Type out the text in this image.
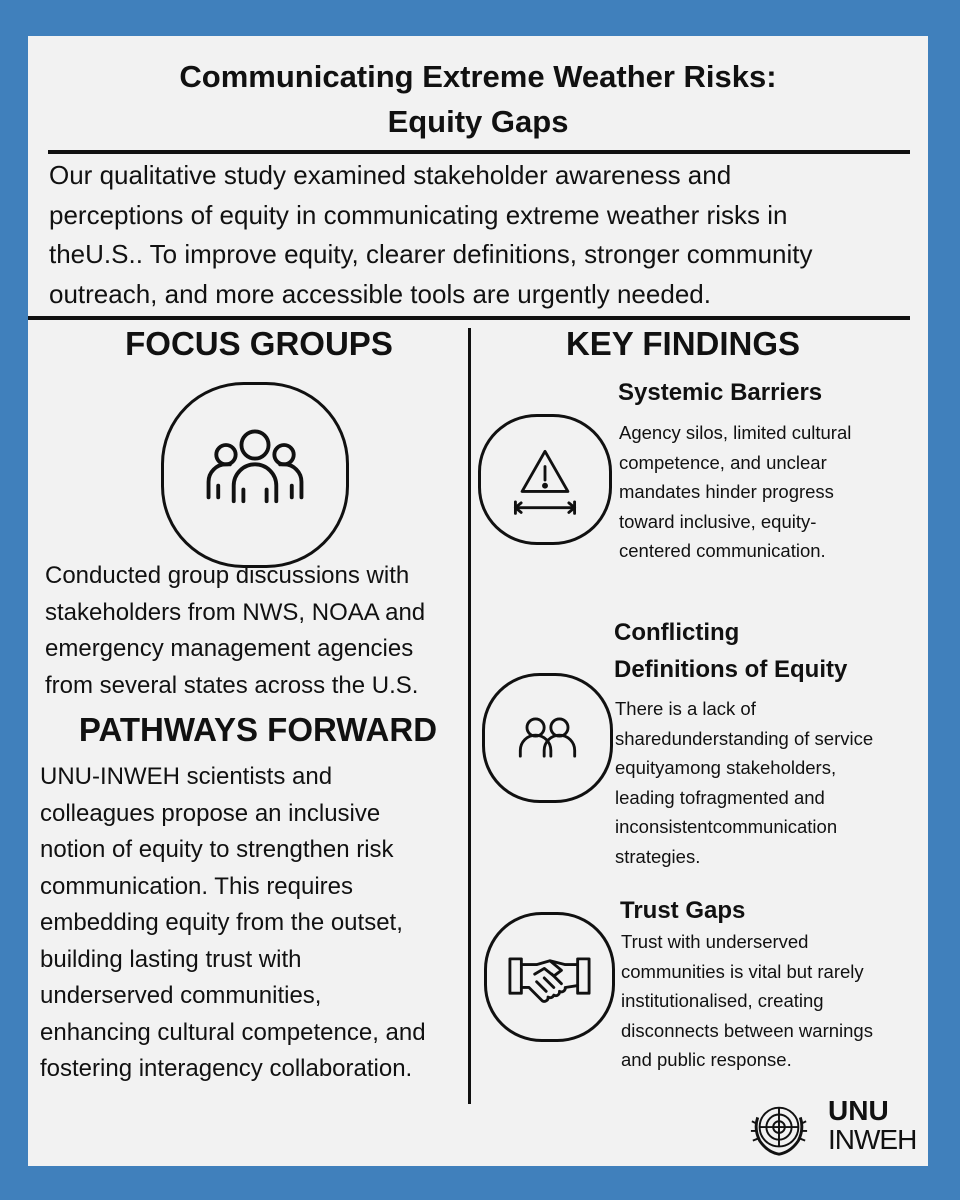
Communicating Extreme Weather Risks:
Equity Gaps
Our qualitative study examined stakeholder awareness and
perceptions of equity in communicating extreme weather risks in
theU.S.. To improve equity, clearer definitions, stronger community
outreach, and more accessible tools are urgently needed.
FOCUS GROUPS
Conducted group discussions with
stakeholders from NWS, NOAA and
emergency management agencies
from several states across the U.S.
PATHWAYS FORWARD
UNU-INWEH scientists and
colleagues propose an inclusive
notion of equity to strengthen risk
communication. This requires
embedding equity from the outset,
building lasting trust with
underserved communities,
enhancing cultural competence, and
fostering interagency collaboration.
KEY FINDINGS
Systemic Barriers
Agency silos, limited cultural
competence, and unclear
mandates hinder progress
toward inclusive, equity-
centered communication.
Conflicting
Definitions of Equity
There is a lack of
sharedunderstanding of service
equityamong stakeholders,
leading tofragmented and
inconsistentcommunication
strategies.
Trust Gaps
Trust with underserved
communities is vital but rarely
institutionalised, creating
disconnects between warnings
and public response.
UNU
INWEH
